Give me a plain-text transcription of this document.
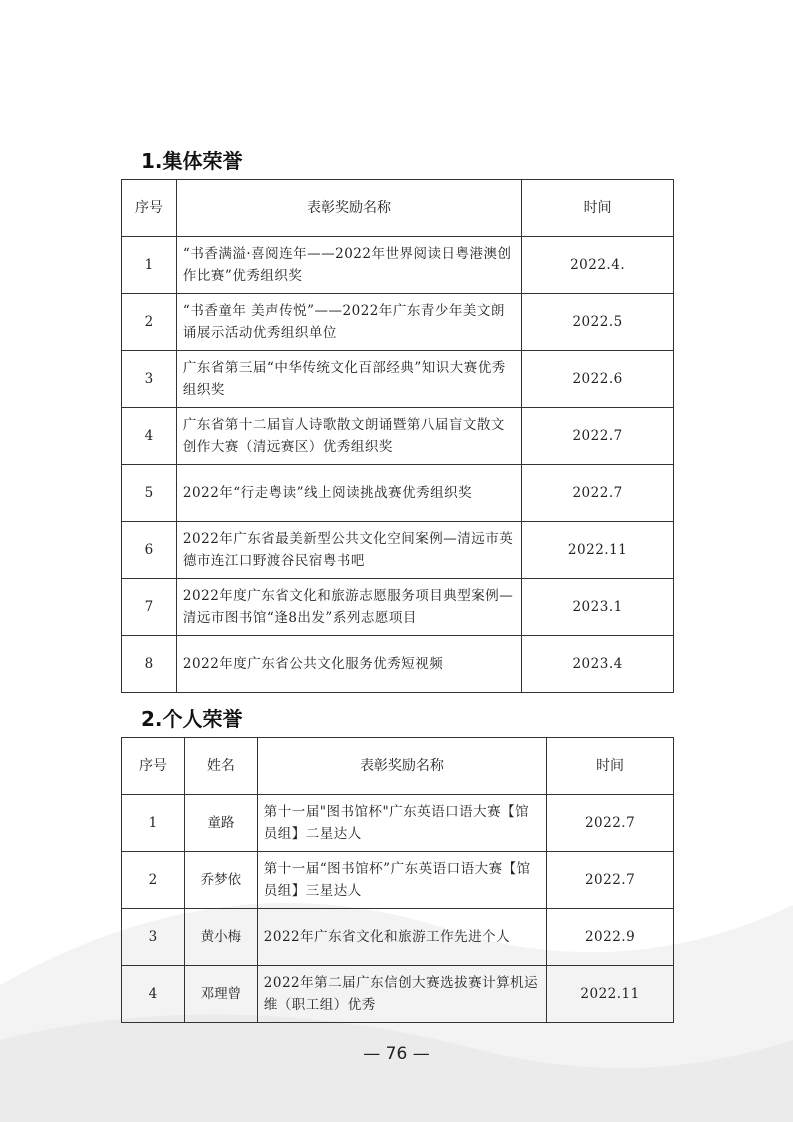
1.集体荣誉
序号	表彰奖励名称	时间
1	“书香满溢·喜阅连年——2022年世界阅读日粤港澳创作比赛”优秀组织奖	2022.4.
2	“书香童年 美声传悦”——2022年广东青少年美文朗诵展示活动优秀组织单位	2022.5
3	广东省第三届“中华传统文化百部经典”知识大赛优秀组织奖	2022.6
4	广东省第十二届盲人诗歌散文朗诵暨第八届盲文散文创作大赛（清远赛区）优秀组织奖	2022.7
5	2022年“行走粤读”线上阅读挑战赛优秀组织奖	2022.7
6	2022年广东省最美新型公共文化空间案例—清远市英德市连江口野渡谷民宿粤书吧	2022.11
7	2022年度广东省文化和旅游志愿服务项目典型案例—清远市图书馆“逢8出发”系列志愿项目	2023.1
8	2022年度广东省公共文化服务优秀短视频	2023.4
2.个人荣誉
序号	姓名	表彰奖励名称	时间
1	童路	第十一届"图书馆杯"广东英语口语大赛【馆员组】二星达人	2022.7
2	乔梦依	第十一届“图书馆杯”广东英语口语大赛【馆员组】三星达人	2022.7
3	黄小梅	2022年广东省文化和旅游工作先进个人	2022.9
4	邓理曾	2022年第二届广东信创大赛选拔赛计算机运维（职工组）优秀	2022.11
— 76 —
